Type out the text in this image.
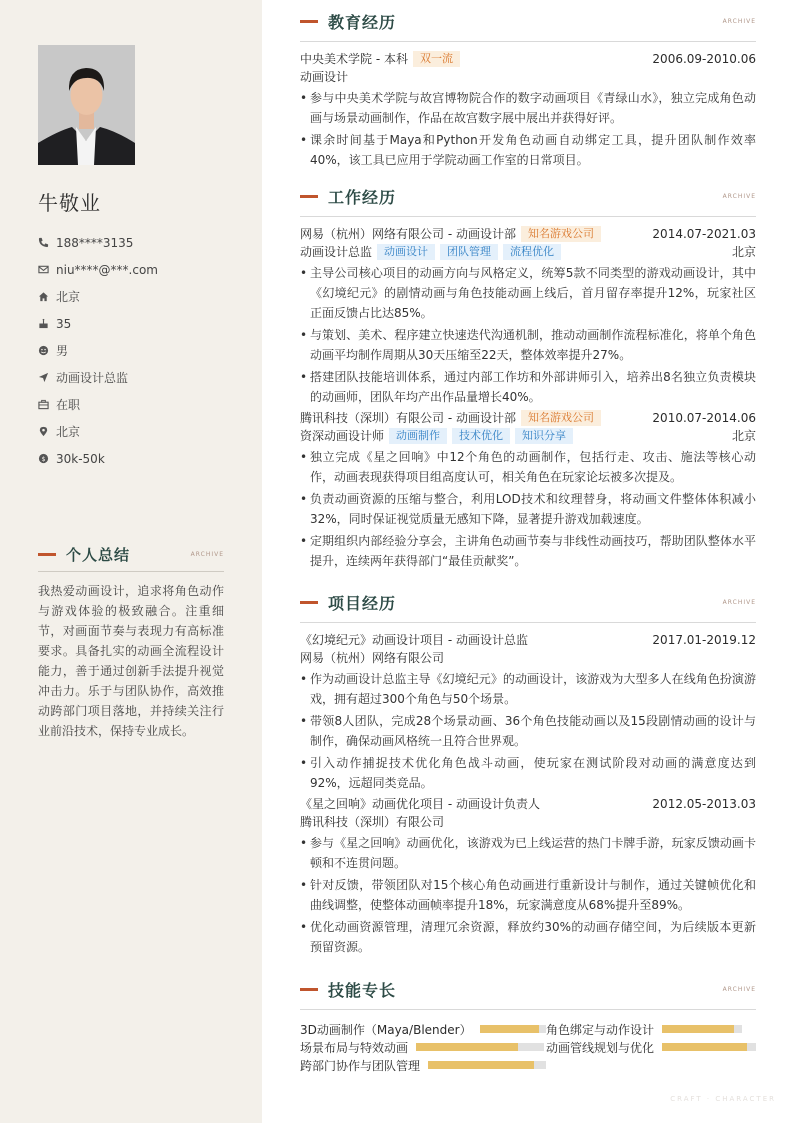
牛敬业
188****3135
niu****@***.com
北京
35
男
动画设计总监
在职
北京
$ 30k-50k
个人总结	ARCHIVE

我热爱动画设计，追求将角色动作与游戏体验的极致融合。注重细节，对画面节奏与表现力有高标准要求。具备扎实的动画全流程设计能力，善于通过创新手法提升视觉冲击力。乐于与团队协作，高效推动跨部门项目落地，并持续关注行业前沿技术，保持专业成长。

教育经历	ARCHIVE
中央美术学院 - 本科	双一流	2006.09-2010.06
动画设计
• 参与中央美术学院与故宫博物院合作的数字动画项目《青绿山水》，独立完成角色动画与场景动画制作，作品在故宫数字展中展出并获得好评。
• 课余时间基于Maya和Python开发角色动画自动绑定工具，提升团队制作效率40%，该工具已应用于学院动画工作室的日常项目。
工作经历	ARCHIVE
网易（杭州）网络有限公司 - 动画设计部	知名游戏公司	2014.07-2021.03
动画设计总监	动画设计	团队管理	流程优化	北京
• 主导公司核心项目的动画方向与风格定义，统筹5款不同类型的游戏动画设计，其中《幻境纪元》的剧情动画与角色技能动画上线后，首月留存率提升12%，玩家社区正面反馈占比达85%。
• 与策划、美术、程序建立快速迭代沟通机制，推动动画制作流程标准化，将单个角色动画平均制作周期从30天压缩至22天，整体效率提升27%。
• 搭建团队技能培训体系，通过内部工作坊和外部讲师引入，培养出8名独立负责模块的动画师，团队年均产出作品量增长40%。
腾讯科技（深圳）有限公司 - 动画设计部	知名游戏公司	2010.07-2014.06
资深动画设计师	动画制作	技术优化	知识分享	北京
• 独立完成《星之回响》中12个角色的动画制作，包括行走、攻击、施法等核心动作，动画表现获得项目组高度认可，相关角色在玩家论坛被多次提及。
• 负责动画资源的压缩与整合，利用LOD技术和纹理替身，将动画文件整体体积减小32%，同时保证视觉质量无感知下降，显著提升游戏加载速度。
• 定期组织内部经验分享会，主讲角色动画节奏与非线性动画技巧，帮助团队整体水平提升，连续两年获得部门“最佳贡献奖”。
项目经历	ARCHIVE
《幻境纪元》动画设计项目 - 动画设计总监	2017.01-2019.12
网易（杭州）网络有限公司
• 作为动画设计总监主导《幻境纪元》的动画设计，该游戏为大型多人在线角色扮演游戏，拥有超过300个角色与50个场景。
• 带领8人团队，完成28个场景动画、36个角色技能动画以及15段剧情动画的设计与制作，确保动画风格统一且符合世界观。
• 引入动作捕捉技术优化角色战斗动画，使玩家在测试阶段对动画的满意度达到92%，远超同类竞品。
《星之回响》动画优化项目 - 动画设计负责人	2012.05-2013.03
腾讯科技（深圳）有限公司
• 参与《星之回响》动画优化，该游戏为已上线运营的热门卡牌手游，玩家反馈动画卡顿和不连贯问题。
• 针对反馈，带领团队对15个核心角色动画进行重新设计与制作，通过关键帧优化和曲线调整，使整体动画帧率提升18%，玩家满意度从68%提升至89%。
• 优化动画资源管理，清理冗余资源，释放约30%的动画存储空间，为后续版本更新预留资源。
技能专长	ARCHIVE
3D动画制作（Maya/Blender）	角色绑定与动作设计
场景布局与特效动画	动画管线规划与优化
跨部门协作与团队管理
CRAFT · CHARACTER
